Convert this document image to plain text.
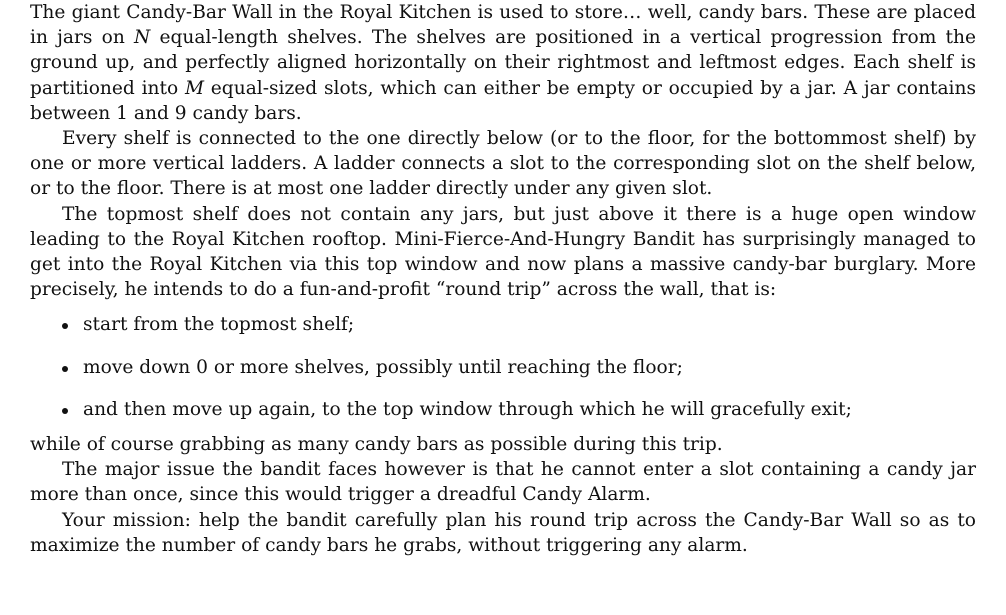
The giant Candy-Bar Wall in the Royal Kitchen is used to store… well, candy bars. These are placed in jars on N equal-length shelves. The shelves are positioned in a vertical progression from the ground up, and perfectly aligned horizontally on their rightmost and leftmost edges. Each shelf is partitioned into M equal-sized slots, which can either be empty or occupied by a jar. A jar contains between 1 and 9 candy bars.

Every shelf is connected to the one directly below (or to the floor, for the bottommost shelf) by one or more vertical ladders. A ladder connects a slot to the corresponding slot on the shelf below, or to the floor. There is at most one ladder directly under any given slot.

The topmost shelf does not contain any jars, but just above it there is a huge open window leading to the Royal Kitchen rooftop. Mini-Fierce-And-Hungry Bandit has surprisingly managed to get into the Royal Kitchen via this top window and now plans a massive candy-bar burglary. More precisely, he intends to do a fun-and-profit “round trip” across the wall, that is:

start from the topmost shelf;
move down 0 or more shelves, possibly until reaching the floor;
and then move up again, to the top window through which he will gracefully exit;

while of course grabbing as many candy bars as possible during this trip.

The major issue the bandit faces however is that he cannot enter a slot containing a candy jar more than once, since this would trigger a dreadful Candy Alarm.

Your mission: help the bandit carefully plan his round trip across the Candy-Bar Wall so as to maximize the number of candy bars he grabs, without triggering any alarm.
